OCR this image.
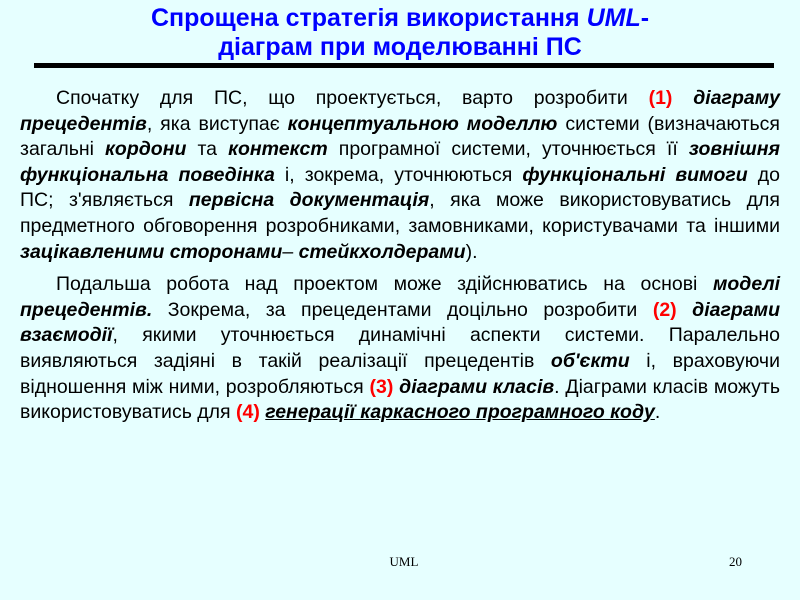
Спрощена стратегія використання UML-
діаграм при моделюванні ПС

Спочатку для ПС, що проектується, варто розробити (1) діаграму прецедентів, яка виступає концептуальною моделлю системи (визначаються загальні кордони та контекст програмної системи, уточнюється її зовнішня функціональна поведінка і, зокрема, уточнюються функціональні вимоги до ПС; з'являється первісна документація, яка може використовуватись для предметного обговорення розробниками, замовниками, користувачами та іншими зацікавленими сторонами– стейкхолдерами).

Подальша робота над проектом може здійснюватись на основі моделі прецедентів. Зокрема, за прецедентами доцільно розробити (2) діаграми взаємодії, якими уточнюється динамічні аспекти системи. Паралельно виявляються задіяні в такій реалізації прецедентів об'єкти і, враховуючи відношення між ними, розробляються (3) діаграми класів. Діаграми класів можуть використовуватись для (4) генерації каркасного програмного коду.

UML	20
